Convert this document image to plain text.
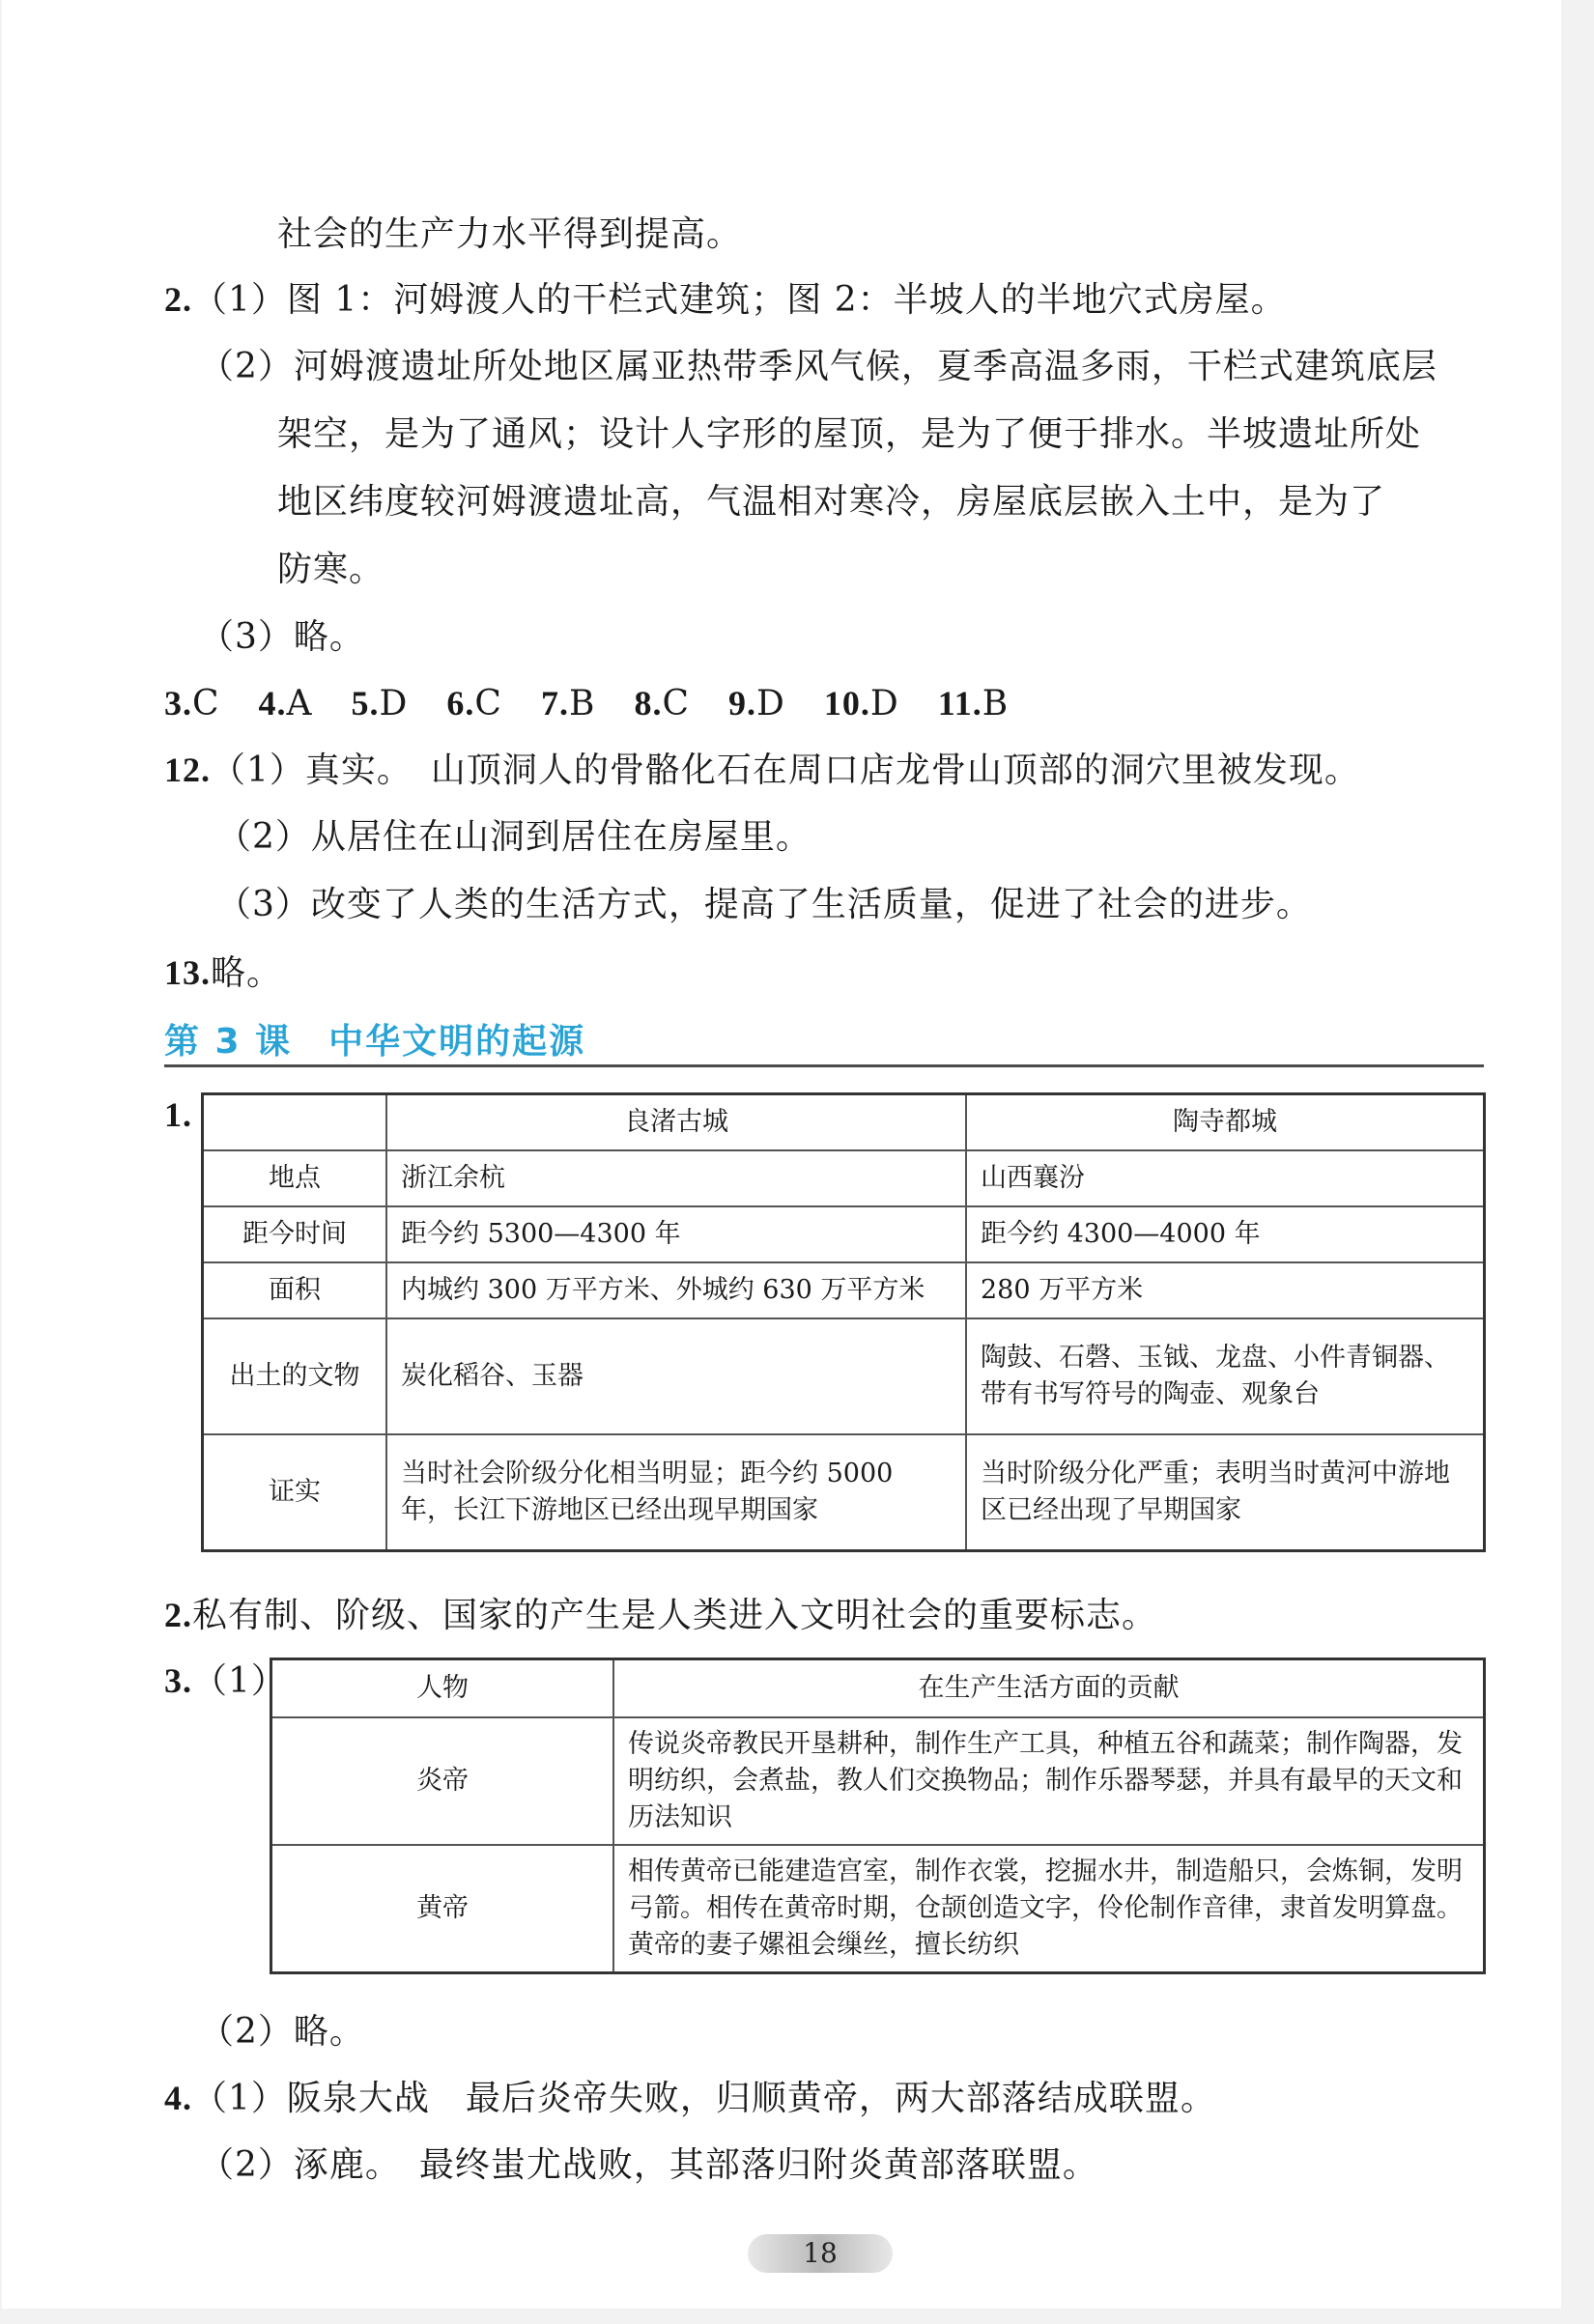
社会的生产力水平得到提高。
2.（1）图 1：河姆渡人的干栏式建筑；图 2：半坡人的半地穴式房屋。
（2）河姆渡遗址所处地区属亚热带季风气候，夏季高温多雨，干栏式建筑底层
架空，是为了通风；设计人字形的屋顶，是为了便于排水。半坡遗址所处
地区纬度较河姆渡遗址高，气温相对寒冷，房屋底层嵌入土中，是为了
防寒。
（3）略。
3.C 4.A 5.D 6.C 7.B 8.C 9.D 10.D 11.B
12.（1）真实。　山顶洞人的骨骼化石在周口店龙骨山顶部的洞穴里被发现。
（2）从居住在山洞到居住在房屋里。
（3）改变了人类的生活方式，提高了生活质量，促进了社会的进步。
13.略。
第 3 课　中华文明的起源
1.
		良渚古城	陶寺都城
地点	浙江余杭	山西襄汾
距今时间	距今约 5300—4300 年	距今约 4300—4000 年
面积	内城约 300 万平方米、外城约 630 万平方米	280 万平方米
出土的文物	炭化稻谷、玉器	陶鼓、石磬、玉钺、龙盘、小件青铜器、带有书写符号的陶壶、观象台
证实	当时社会阶级分化相当明显；距今约 5000 年，长江下游地区已经出现早期国家	当时阶级分化严重；表明当时黄河中游地区已经出现了早期国家
2.私有制、阶级、国家的产生是人类进入文明社会的重要标志。
3.（1）	人物	在生产生活方面的贡献
炎帝	传说炎帝教民开垦耕种，制作生产工具，种植五谷和蔬菜；制作陶器，发明纺织，会煮盐，教人们交换物品；制作乐器琴瑟，并具有最早的天文和历法知识
黄帝	相传黄帝已能建造宫室，制作衣裳，挖掘水井，制造船只，会炼铜，发明弓箭。相传在黄帝时期，仓颉创造文字，伶伦制作音律，隶首发明算盘。黄帝的妻子嫘祖会缫丝，擅长纺织
（2）略。
4.（1）阪泉大战　最后炎帝失败，归顺黄帝，两大部落结成联盟。
（2）涿鹿。　最终蚩尤战败，其部落归附炎黄部落联盟。
18
